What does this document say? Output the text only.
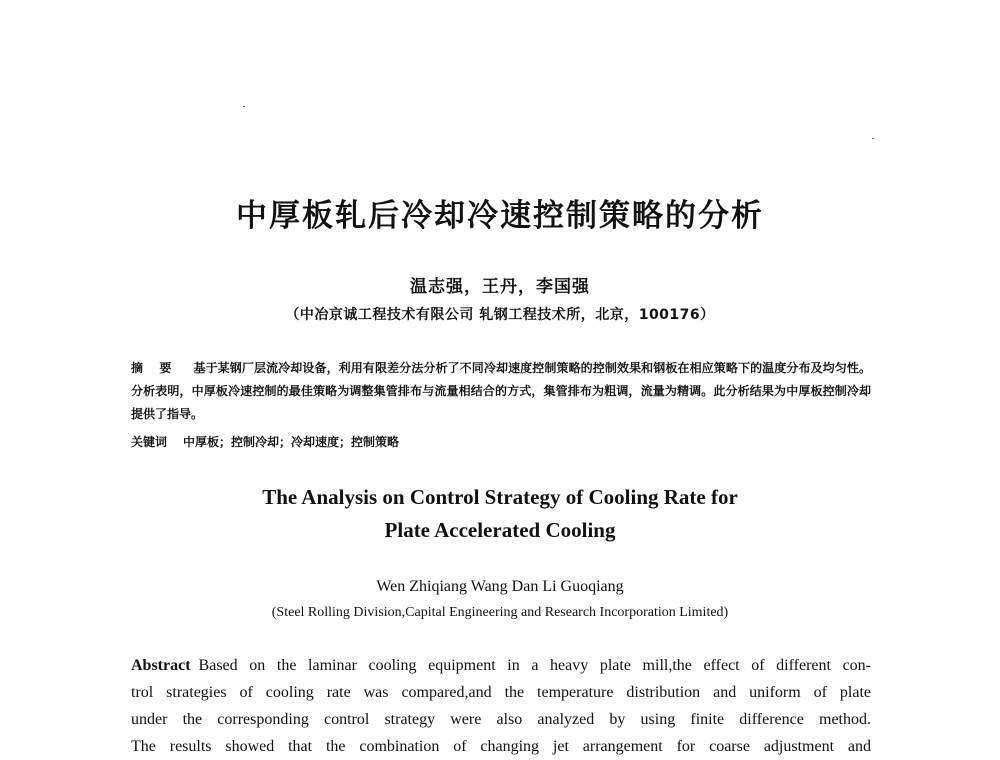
中厚板轧后冷却冷速控制策略的分析
温志强，王丹，李国强
（中冶京诚工程技术有限公司 轧钢工程技术所，北京，100176）
摘 要 基于某钢厂层流冷却设备，利用有限差分法分析了不同冷却速度控制策略的控制效果和钢板在相应策略下的温度分布及均匀性。分析表明，中厚板冷速控制的最佳策略为调整集管排布与流量相结合的方式，集管排布为粗调，流量为精调。此分析结果为中厚板控制冷却提供了指导。
关键词 中厚板；控制冷却；冷却速度；控制策略
The Analysis on Control Strategy of Cooling Rate for
Plate Accelerated Cooling
Wen Zhiqiang Wang Dan Li Guoqiang
(Steel Rolling Division,Capital Engineering and Research Incorporation Limited)
Abstract Based on the laminar cooling equipment in a heavy plate mill,the effect of different con-
trol strategies of cooling rate was compared,and the temperature distribution and uniform of plate
under the corresponding control strategy were also analyzed by using finite difference method.
The results showed that the combination of changing jet arrangement for coarse adjustment and
